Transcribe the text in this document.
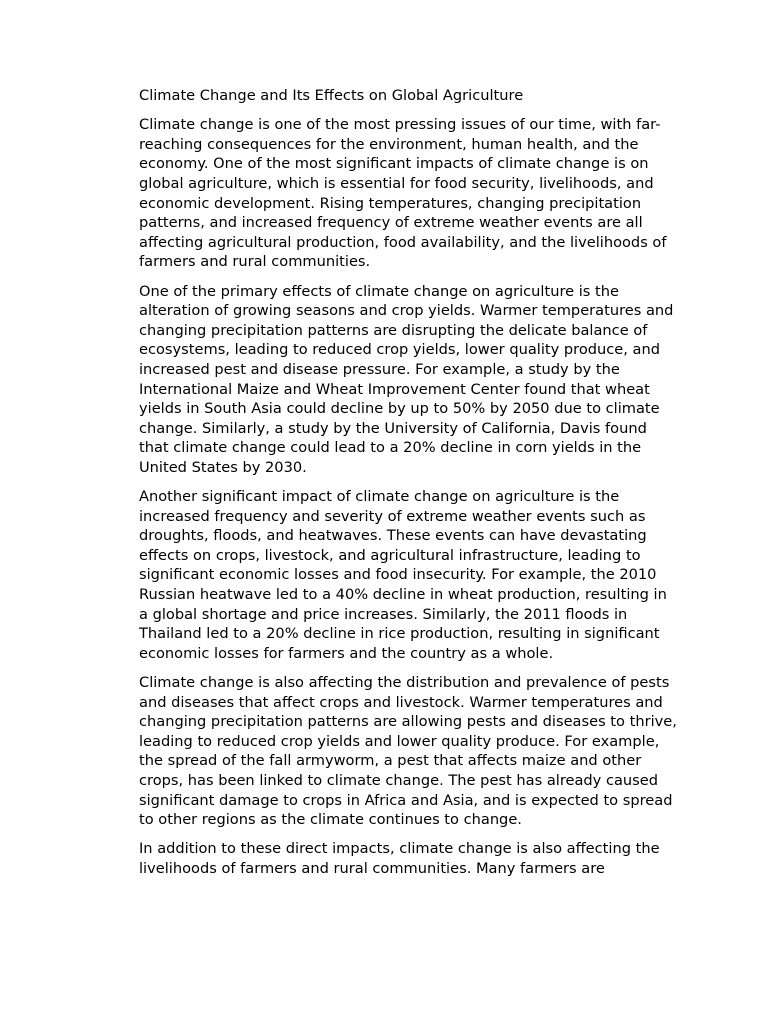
Climate Change and Its Effects on Global Agriculture

Climate change is one of the most pressing issues of our time, with far-reaching consequences for the environment, human health, and the economy. One of the most significant impacts of climate change is on global agriculture, which is essential for food security, livelihoods, and economic development. Rising temperatures, changing precipitation patterns, and increased frequency of extreme weather events are all affecting agricultural production, food availability, and the livelihoods of farmers and rural communities.

One of the primary effects of climate change on agriculture is the alteration of growing seasons and crop yields. Warmer temperatures and changing precipitation patterns are disrupting the delicate balance of ecosystems, leading to reduced crop yields, lower quality produce, and increased pest and disease pressure. For example, a study by the International Maize and Wheat Improvement Center found that wheat yields in South Asia could decline by up to 50% by 2050 due to climate change. Similarly, a study by the University of California, Davis found that climate change could lead to a 20% decline in corn yields in the United States by 2030.

Another significant impact of climate change on agriculture is the increased frequency and severity of extreme weather events such as droughts, floods, and heatwaves. These events can have devastating effects on crops, livestock, and agricultural infrastructure, leading to significant economic losses and food insecurity. For example, the 2010 Russian heatwave led to a 40% decline in wheat production, resulting in a global shortage and price increases. Similarly, the 2011 floods in Thailand led to a 20% decline in rice production, resulting in significant economic losses for farmers and the country as a whole.

Climate change is also affecting the distribution and prevalence of pests and diseases that affect crops and livestock. Warmer temperatures and changing precipitation patterns are allowing pests and diseases to thrive, leading to reduced crop yields and lower quality produce. For example, the spread of the fall armyworm, a pest that affects maize and other crops, has been linked to climate change. The pest has already caused significant damage to crops in Africa and Asia, and is expected to spread to other regions as the climate continues to change.

In addition to these direct impacts, climate change is also affecting the livelihoods of farmers and rural communities. Many farmers are
